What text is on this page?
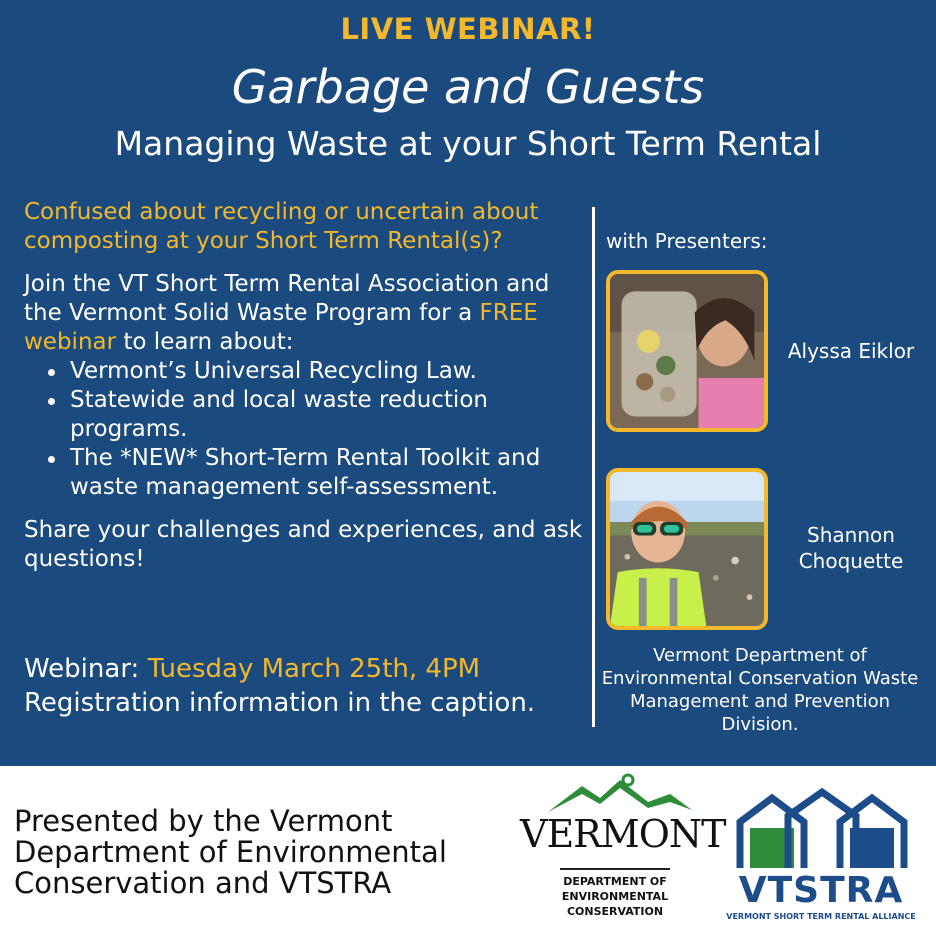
LIVE WEBINAR!
Garbage and Guests
Managing Waste at your Short Term Rental

Confused about recycling or uncertain about composting at your Short Term Rental(s)?

Join the VT Short Term Rental Association and the Vermont Solid Waste Program for a FREE webinar to learn about:

Vermont’s Universal Recycling Law.
Statewide and local waste reduction programs.
The *NEW* Short-Term Rental Toolkit and waste management self-assessment.

Share your challenges and experiences, and ask questions!

Webinar: Tuesday March 25th, 4PM
Registration information in the caption.
with Presenters:
Alyssa Eiklor
Shannon Choquette
Vermont Department of Environmental Conservation Waste Management and Prevention Division.
Presented by the Vermont Department of Environmental Conservation and VTSTRA
VERMONT
DEPARTMENT OF ENVIRONMENTAL CONSERVATION
VTSTRA
VERMONT SHORT TERM RENTAL ALLIANCE
